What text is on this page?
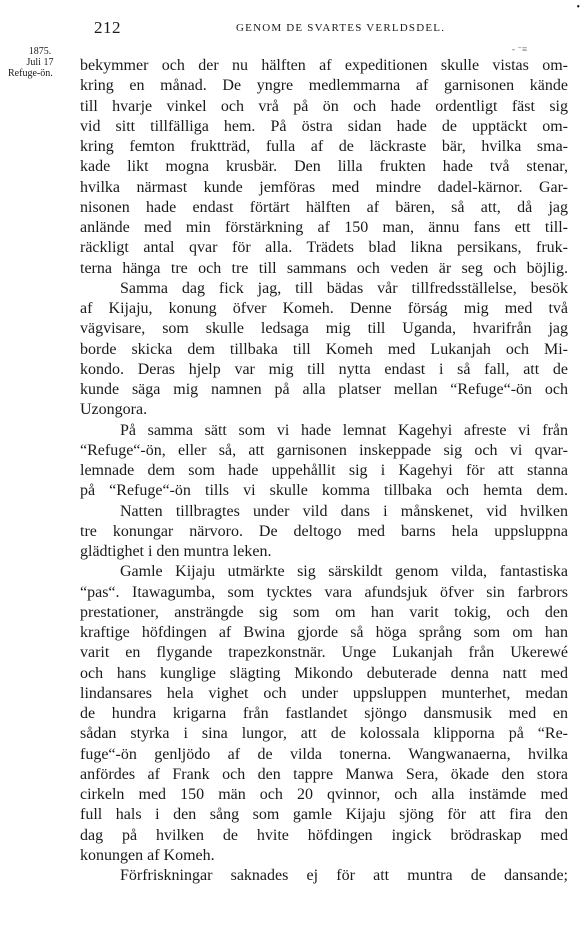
•
212	GENOM DE SVARTES VERLDSDEL.
- ⁻≡
1875.
Juli 17
Refuge-ön.	bekymmer och der nu hälften af expeditionen skulle vistas om-
kring en månad. De yngre medlemmarna af garnisonen kände
till hvarje vinkel och vrå på ön och hade ordentligt fäst sig
vid sitt tillfälliga hem. På östra sidan hade de upptäckt om-
kring femton fruktträd, fulla af de läckraste bär, hvilka sma-
kade likt mogna krusbär. Den lilla frukten hade två stenar,
hvilka närmast kunde jemföras med mindre dadel-kärnor. Gar-
nisonen hade endast förtärt hälften af bären, så att, då jag
anlände med min förstärkning af 150 man, ännu fans ett till-
räckligt antal qvar för alla. Trädets blad likna persikans, fruk-
terna hänga tre och tre till sammans och veden är seg och böjlig.
Samma dag fick jag, till bädas vår tillfredsställelse, besök
af Kijaju, konung öfver Komeh. Denne förság mig med två
vägvisare, som skulle ledsaga mig till Uganda, hvarifrån jag
borde skicka dem tillbaka till Komeh med Lukanjah och Mi-
kondo. Deras hjelp var mig till nytta endast i så fall, att de
kunde säga mig namnen på alla platser mellan “Refuge“-ön och
Uzongora.
På samma sätt som vi hade lemnat Kagehyi afreste vi från
“Refuge“-ön, eller så, att garnisonen inskeppade sig och vi qvar-
lemnade dem som hade uppehållit sig i Kagehyi för att stanna
på “Refuge“-ön tills vi skulle komma tillbaka och hemta dem.
Natten tillbragtes under vild dans i månskenet, vid hvilken
tre konungar närvoro. De deltogo med barns hela uppsluppna
glädtighet i den muntra leken.
Gamle Kijaju utmärkte sig särskildt genom vilda, fantastiska
“pas“. Itawagumba, som tycktes vara afundsjuk öfver sin farbrors
prestationer, ansträngde sig som om han varit tokig, och den
kraftige höfdingen af Bwina gjorde så höga språng som om han
varit en flygande trapezkonstnär. Unge Lukanjah från Ukerewé
och hans kunglige slägting Mikondo debuterade denna natt med
lindansares hela vighet och under uppsluppen munterhet, medan
de hundra krigarna från fastlandet sjöngo dansmusik med en
sådan styrka i sina lungor, att de kolossala klipporna på “Re-
fuge“-ön genljödo af de vilda tonerna. Wangwanaerna, hvilka
anfördes af Frank och den tappre Manwa Sera, ökade den stora
cirkeln med 150 män och 20 qvinnor, och alla instämde med
full hals i den sång som gamle Kijaju sjöng för att fira den
dag på hvilken de hvite höfdingen ingick brödraskap med
konungen af Komeh.
Förfriskningar saknades ej för att muntra de dansande;
